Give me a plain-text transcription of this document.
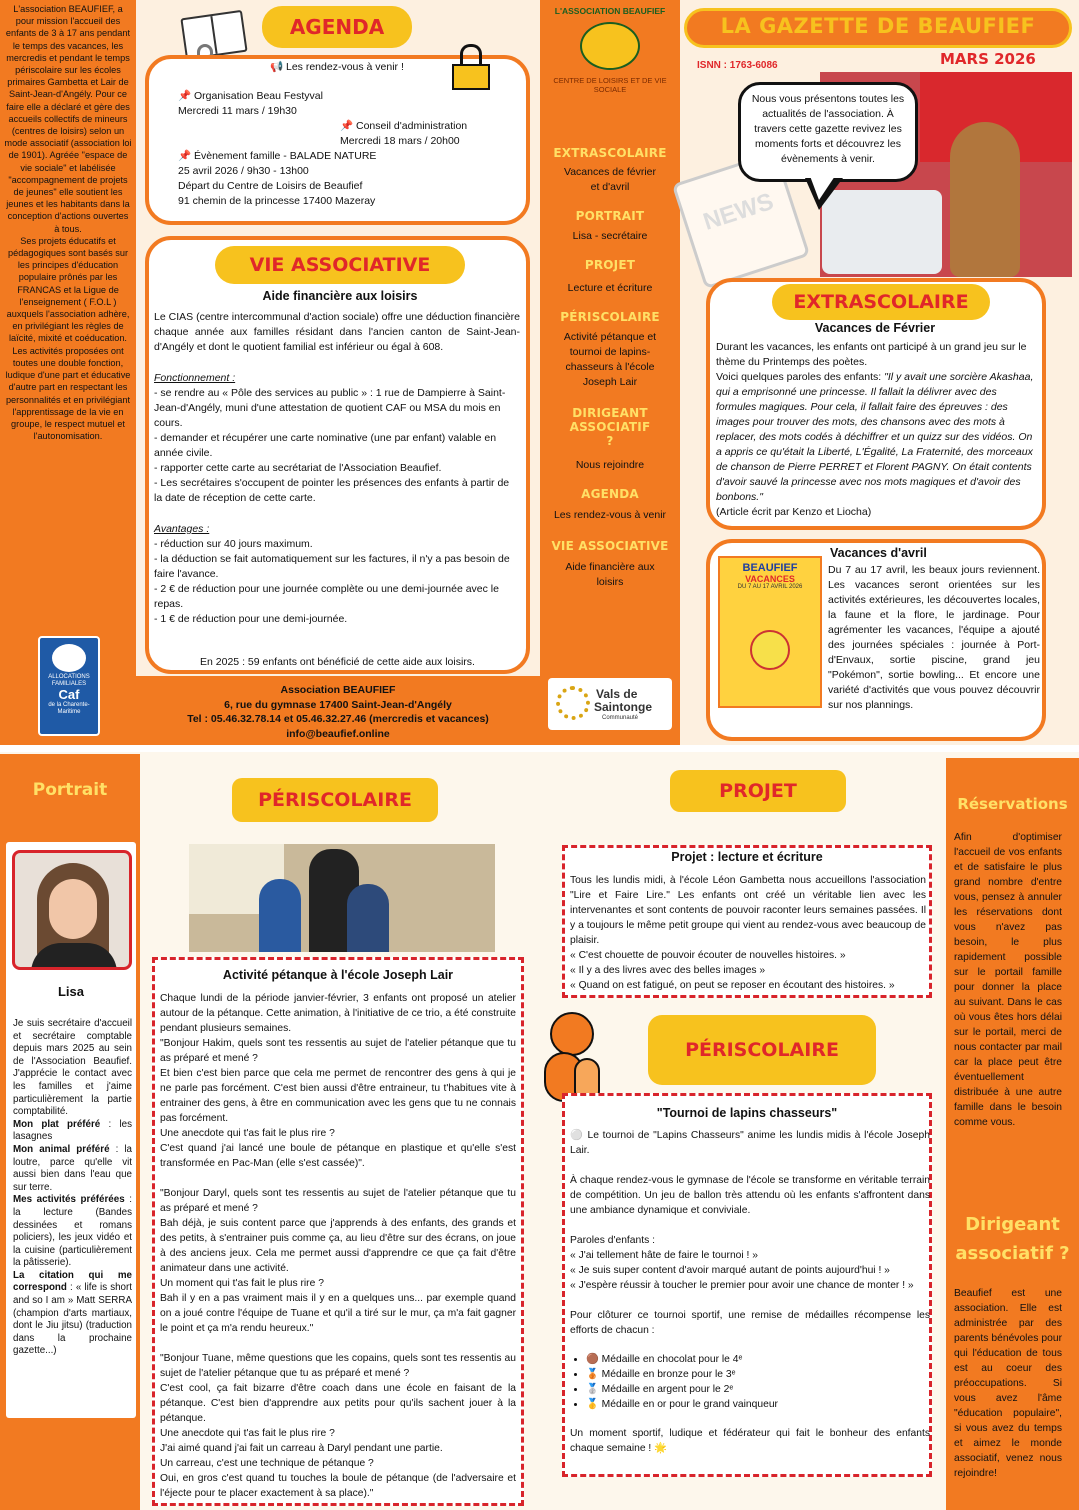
L'association BEAUFIEF, a pour mission l'accueil des enfants de 3 à 17 ans pendant le temps des vacances, les mercredis et pendant le temps périscolaire sur les écoles primaires Gambetta et Lair de Saint-Jean-d'Angély. Pour ce faire elle a déclaré et gère des accueils collectifs de mineurs (centres de loisirs) selon un mode associatif (association loi de 1901). Agréée "espace de vie sociale" et labélisée "accompagnement de projets de jeunes" elle soutient les jeunes et les habitants dans la conception d'actions ouvertes à tous.
Ses projets éducatifs et pédagogiques sont basés sur les principes d'éducation populaire prônés par les FRANCAS et la Ligue de l'enseignement ( F.O.L ) auxquels l'association adhère, en privilégiant les règles de laïcité, mixité et coéducation. Les activités proposées ont toutes une double fonction, ludique d'une part et éducative d'autre part en respectant les personnalités et en privilégiant l'apprentissage de la vie en groupe, le respect mutuel et l'autonomisation.
ALLOCATIONS FAMILIALES
Caf
de la Charente-Maritime
AGENDA
📢 Les rendez-vous à venir !
📌 Organisation Beau Festyval
Mercredi 11 mars / 19h30
📌 Conseil d'administration
Mercredi 18 mars / 20h00
📌 Évènement famille - BALADE NATURE
25 avril 2026 / 9h30 - 13h00
Départ du Centre de Loisirs de Beaufief
91 chemin de la princesse 17400 Mazeray
VIE ASSOCIATIVE
Aide financière aux loisirs
Le CIAS (centre intercommunal d'action sociale) offre une déduction financière chaque année aux familles résidant dans l'ancien canton de Saint-Jean-d'Angély et dont le quotient familial est inférieur ou égal à 608.
Fonctionnement :
- se rendre au « Pôle des services au public » : 1 rue de Dampierre à Saint-Jean-d'Angély, muni d'une attestation de quotient CAF ou MSA du mois en cours.
- demander et récupérer une carte nominative (une par enfant) valable en année civile.
- rapporter cette carte au secrétariat de l'Association Beaufief.
- Les secrétaires s'occupent de pointer les présences des enfants à partir de la date de réception de cette carte.
Avantages :
- réduction sur 40 jours maximum.
- la déduction se fait automatiquement sur les factures, il n'y a pas besoin de faire l'avance.
- 2 € de réduction pour une journée complète ou une demi-journée avec le repas.
- 1 € de réduction pour une demi-journée.
En 2025 : 59 enfants ont bénéficié de cette aide aux loisirs.
Association BEAUFIEF
6, rue du gymnase 17400 Saint-Jean-d'Angély
Tel : 05.46.32.78.14 et 05.46.32.27.46 (mercredis et vacances)
info@beaufief.online
L'ASSOCIATION BEAUFIEF
CENTRE DE LOISIRS ET DE VIE SOCIALE
EXTRASCOLAIRE
Vacances de février et d'avril
PORTRAIT
Lisa - secrétaire
PROJET
Lecture et écriture
PÉRISCOLAIRE
Activité pétanque et tournoi de lapins-chasseurs à l'école Joseph Lair
DIRIGEANT ASSOCIATIF ?
Nous rejoindre
AGENDA
Les rendez-vous à venir
VIE ASSOCIATIVE
Aide financière aux loisirs
Vals de
Saintonge
Communauté
LA GAZETTE DE BEAUFIEF
ISNN : 1763-6086	MARS 2026
NEWS
Nous vous présentons toutes les actualités de l'association. À travers cette gazette revivez les moments forts et découvrez les évènements à venir.
EXTRASCOLAIRE
Vacances de Février
Durant les vacances, les enfants ont participé à un grand jeu sur le thème du Printemps des poètes.
Voici quelques paroles des enfants: "Il y avait une sorcière Akashaa, qui a emprisonné une princesse. Il fallait la délivrer avec des formules magiques. Pour cela, il fallait faire des épreuves : des images pour trouver des mots, des chansons avec des mots à replacer, des mots codés à déchiffrer et un quizz sur des vidéos. On a appris ce qu'était la Liberté, L'Égalité, La Fraternité, des morceaux de chanson de Pierre PERRET et Florent PAGNY. On était contents d'avoir sauvé la princesse avec nos mots magiques et d'avoir des bonbons."
(Article écrit par Kenzo et Liocha)
BEAUFIEF
VACANCES
DU 7 AU 17 AVRIL 2026
Vacances d'avril
Du 7 au 17 avril, les beaux jours reviennent. Les vacances seront orientées sur les activités extérieures, les découvertes locales, la faune et la flore, le jardinage. Pour agrémenter les vacances, l'équipe a ajouté des journées spéciales : journée à Port-d'Envaux, sortie piscine, grand jeu "Pokémon", sortie bowling... Et encore une variété d'activités que vous pouvez découvrir sur nos plannings.
Portrait
Lisa
Je suis secrétaire d'accueil et secrétaire comptable depuis mars 2025 au sein de l'Association Beaufief. J'apprécie le contact avec les familles et j'aime particulièrement la partie comptabilité.
Mon plat préféré : les lasagnes
Mon animal préféré : la loutre, parce qu'elle vit aussi bien dans l'eau que sur terre.
Mes activités préférées : la lecture (Bandes dessinées et romans policiers), les jeux vidéo et la cuisine (particulièrement la pâtisserie).
La citation qui me correspond : « life is short and so I am » Matt SERRA (champion d'arts martiaux, dont le Jiu jitsu) (traduction dans la prochaine gazette...)
PÉRISCOLAIRE
Activité pétanque à l'école Joseph Lair
Chaque lundi de la période janvier-février, 3 enfants ont proposé un atelier autour de la pétanque. Cette animation, à l'initiative de ce trio, a été construite pendant plusieurs semaines.
"Bonjour Hakim, quels sont tes ressentis au sujet de l'atelier pétanque que tu as préparé et mené ?
Et bien c'est bien parce que cela me permet de rencontrer des gens à qui je ne parle pas forcément. C'est bien aussi d'être entraineur, tu t'habitues vite à entrainer des gens, à être en communication avec les gens que tu ne connais pas forcément.
Une anecdote qui t'as fait le plus rire ?
C'est quand j'ai lancé une boule de pétanque en plastique et qu'elle s'est transformée en Pac-Man (elle s'est cassée)".

"Bonjour Daryl, quels sont tes ressentis au sujet de l'atelier pétanque que tu as préparé et mené ?
Bah déjà, je suis content parce que j'apprends à des enfants, des grands et des petits, à s'entrainer puis comme ça, au lieu d'être sur des écrans, on joue à des anciens jeux. Cela me permet aussi d'apprendre ce que ça fait d'être animateur dans une activité.
Un moment qui t'as fait le plus rire ?
Bah il y en a pas vraiment mais il y en a quelques uns... par exemple quand on a joué contre l'équipe de Tuane et qu'il a tiré sur le mur, ça m'a fait gagner le point et ça m'a rendu heureux."

"Bonjour Tuane, même questions que les copains, quels sont tes ressentis au sujet de l'atelier pétanque que tu as préparé et mené ?
C'est cool, ça fait bizarre d'être coach dans une école en faisant de la pétanque. C'est bien d'apprendre aux petits pour qu'ils sachent jouer à la pétanque.
Une anecdote qui t'as fait le plus rire ?
J'ai aimé quand j'ai fait un carreau à Daryl pendant une partie.
Un carreau, c'est une technique de pétanque ?
Oui, en gros c'est quand tu touches la boule de pétanque (de l'adversaire et l'éjecte pour te placer exactement à sa place)."
PROJET
Projet : lecture et écriture
Tous les lundis midi, à l'école Léon Gambetta nous accueillons l'association "Lire et Faire Lire." Les enfants ont créé un véritable lien avec les intervenantes et sont contents de pouvoir raconter leurs semaines passées. Il y a toujours le même petit groupe qui vient au rendez-vous avec beaucoup de plaisir.
« C'est chouette de pouvoir écouter de nouvelles histoires. »
« Il y a des livres avec des belles images »
« Quand on est fatigué, on peut se reposer en écoutant des histoires. »
PÉRISCOLAIRE
"Tournoi de lapins chasseurs"
⚪ Le tournoi de "Lapins Chasseurs" anime les lundis midis à l'école Joseph Lair.

À chaque rendez-vous le gymnase de l'école se transforme en véritable terrain de compétition. Un jeu de ballon très attendu où les enfants s'affrontent dans une ambiance dynamique et conviviale.

Paroles d'enfants :
« J'ai tellement hâte de faire le tournoi ! »
« Je suis super content d'avoir marqué autant de points aujourd'hui ! »
« J'espère réussir à toucher le premier pour avoir une chance de monter ! »

Pour clôturer ce tournoi sportif, une remise de médailles récompense les efforts de chacun :
• 🟤 Médaille en chocolat pour le 4ᵉ
• 🥉 Médaille en bronze pour le 3ᵉ
• 🥈 Médaille en argent pour le 2ᵉ
• 🥇 Médaille en or pour le grand vainqueur
Un moment sportif, ludique et fédérateur qui fait le bonheur des enfants chaque semaine ! 🌟
Réservations
Afin d'optimiser l'accueil de vos enfants et de satisfaire le plus grand nombre d'entre vous, pensez à annuler les réservations dont vous n'avez pas besoin, le plus rapidement possible sur le portail famille pour donner la place au suivant. Dans le cas où vous êtes hors délai sur le portail, merci de nous contacter par mail car la place peut être éventuellement distribuée à une autre famille dans le besoin comme vous.
Dirigeant associatif ?
Beaufief est une association. Elle est administrée par des parents bénévoles pour qui l'éducation de tous est au coeur des préoccupations. Si vous avez l'âme "éducation populaire", si vous avez du temps et aimez le monde associatif, venez nous rejoindre!
